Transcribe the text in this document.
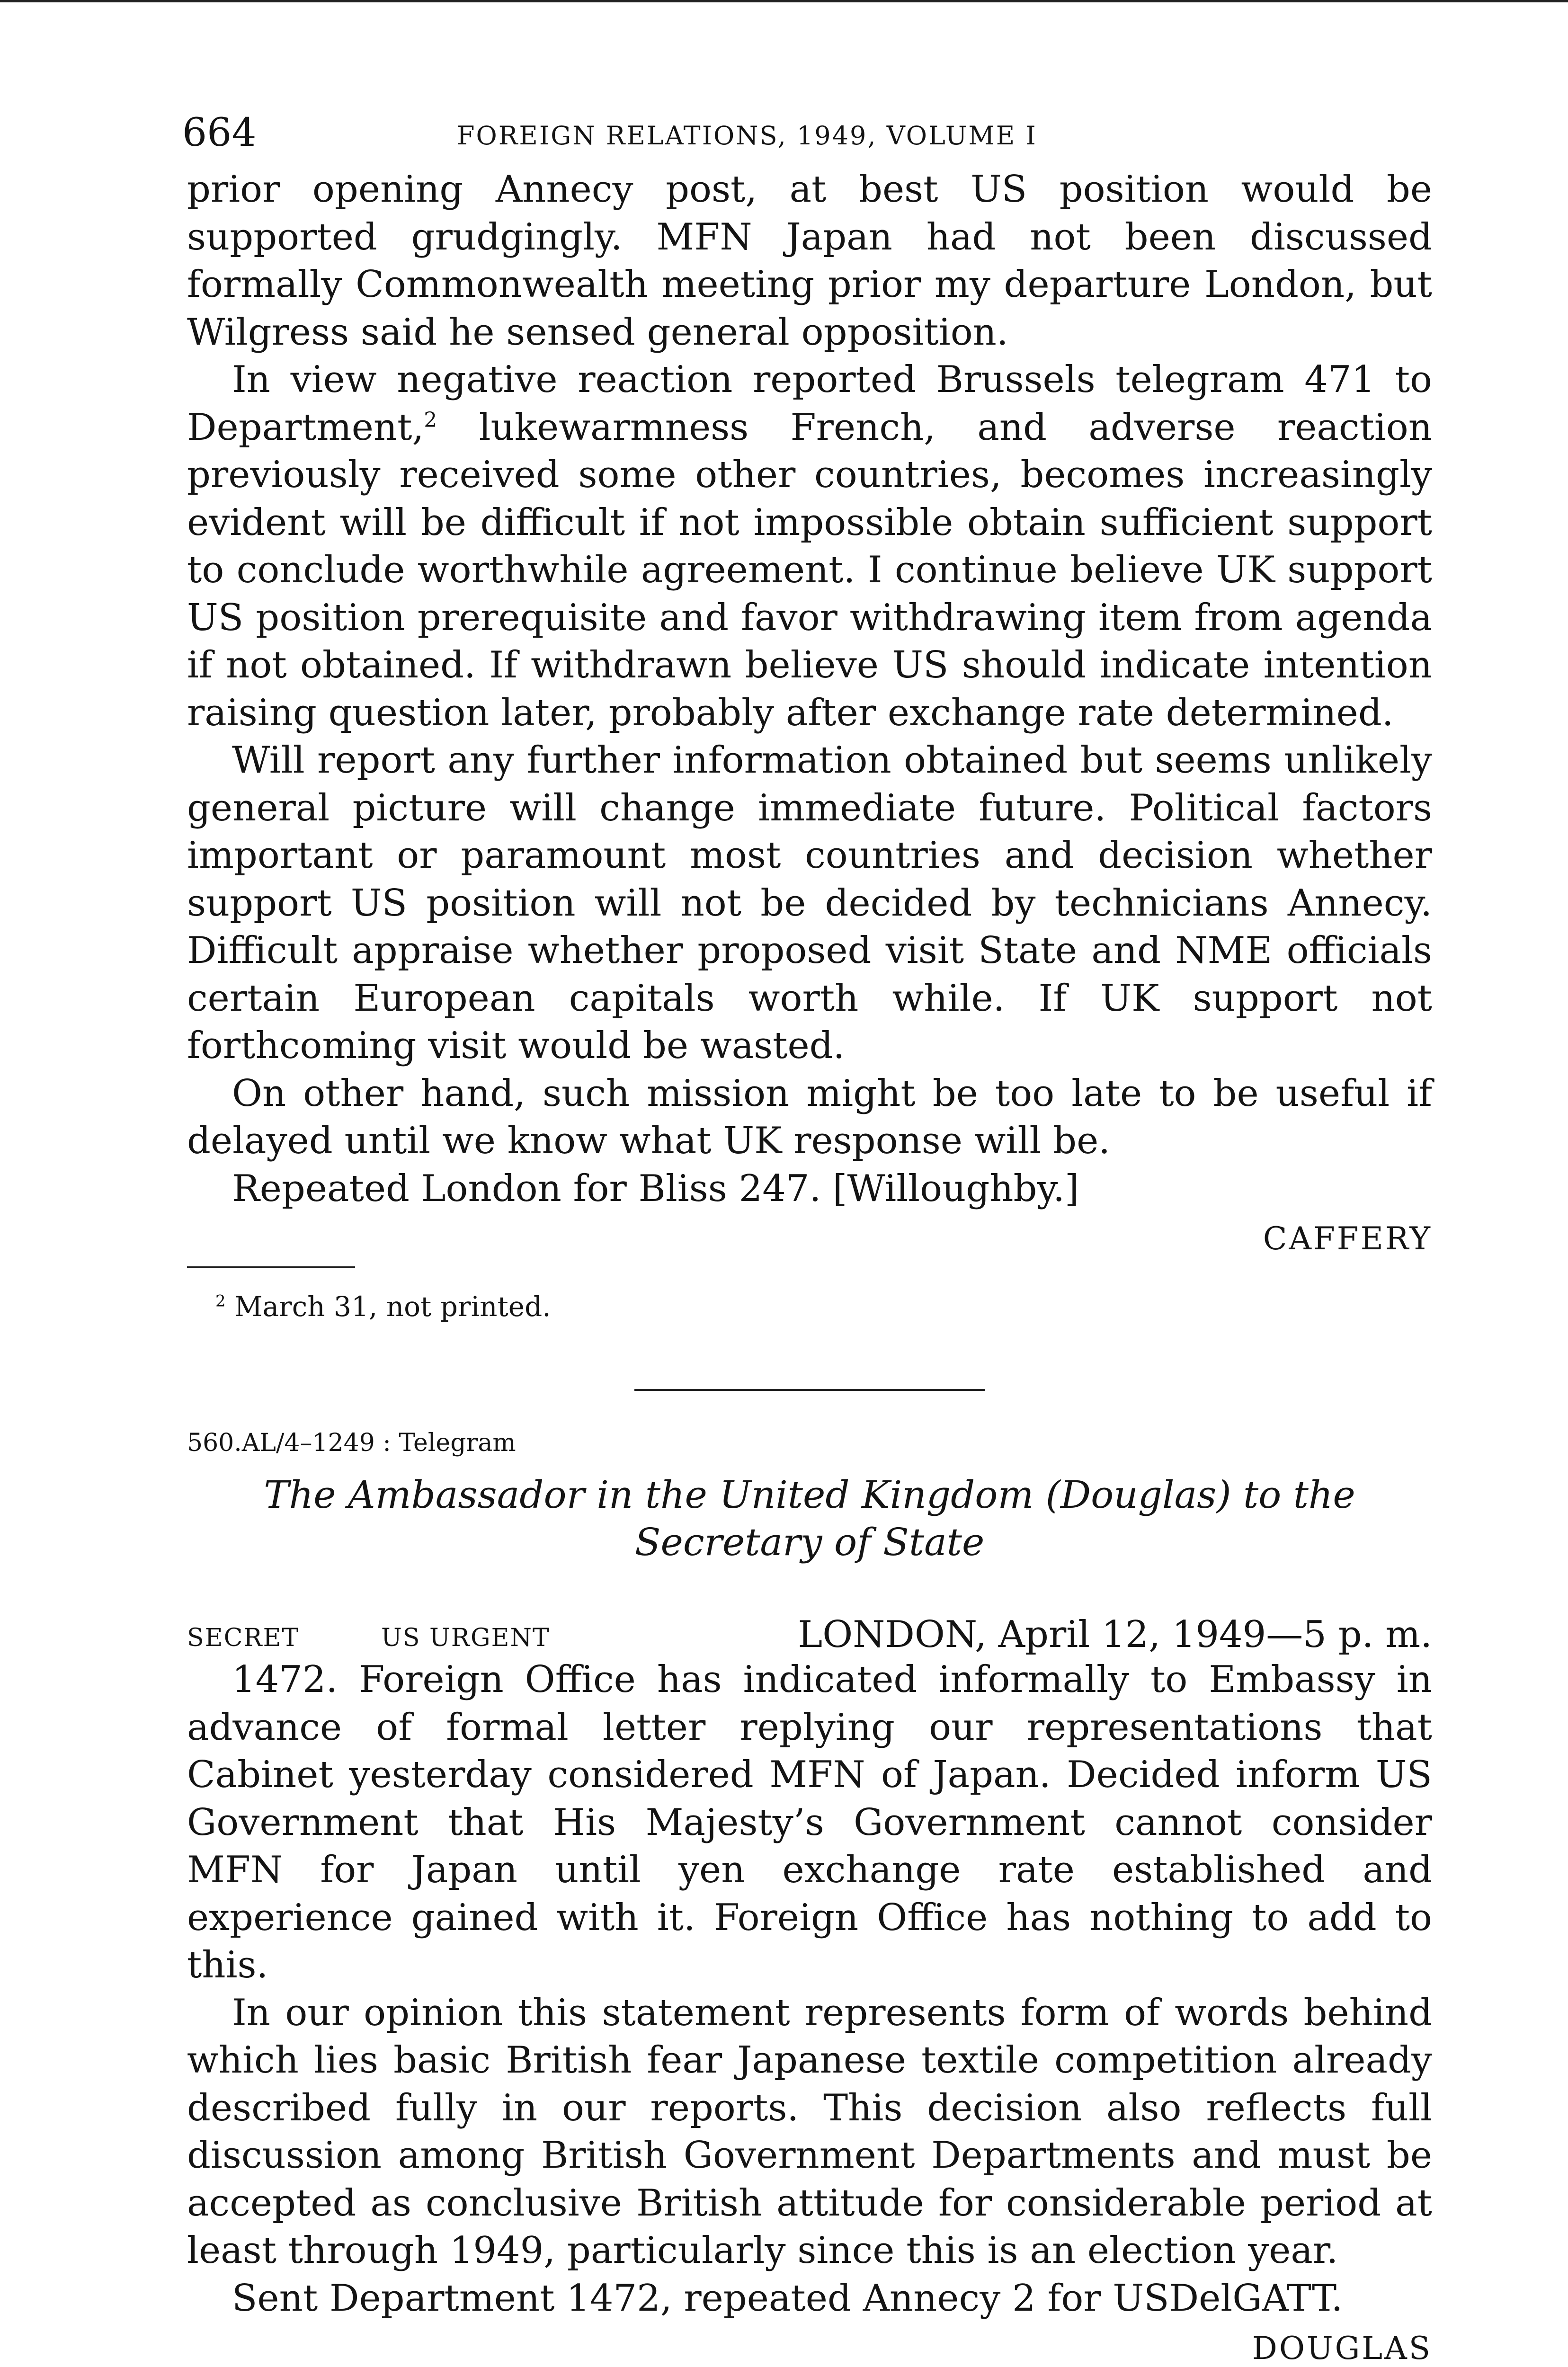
664	FOREIGN RELATIONS, 1949, VOLUME I

prior opening Annecy post, at best US position would be supported grudgingly. MFN Japan had not been discussed formally Commonwealth meeting prior my departure London, but Wilgress said he sensed general opposition.

In view negative reaction reported Brussels telegram 471 to Department,$^2$ lukewarmness French, and adverse reaction previously received some other countries, becomes increasingly evident will be difficult if not impossible obtain sufficient support to conclude worthwhile agreement. I continue believe UK support US position prerequisite and favor withdrawing item from agenda if not obtained. If withdrawn believe US should indicate intention raising question later, probably after exchange rate determined.

Will report any further information obtained but seems unlikely general picture will change immediate future. Political factors important or paramount most countries and decision whether support US position will not be decided by technicians Annecy. Difficult appraise whether proposed visit State and NME officials certain European capitals worth while. If UK support not forthcoming visit would be wasted.

On other hand, such mission might be too late to be useful if delayed until we know what UK response will be.

Repeated London for Bliss 247. [Willoughby.]

CAFFERY
$^2$ March 31, not printed.
560.AL/4–1249 : Telegram
The Ambassador in the United Kingdom (Douglas) to the Secretary of State
SECRET	US URGENT	LONDON, April 12, 1949—5 p. m.

1472. Foreign Office has indicated informally to Embassy in advance of formal letter replying our representations that Cabinet yesterday considered MFN of Japan. Decided inform US Government that His Majesty’s Government cannot consider MFN for Japan until yen exchange rate established and experience gained with it. Foreign Office has nothing to add to this.

In our opinion this statement represents form of words behind which lies basic British fear Japanese textile competition already described fully in our reports. This decision also reflects full discussion among British Government Departments and must be accepted as conclusive British attitude for considerable period at least through 1949, particularly since this is an election year.

Sent Department 1472, repeated Annecy 2 for USDelGATT.

DOUGLAS
